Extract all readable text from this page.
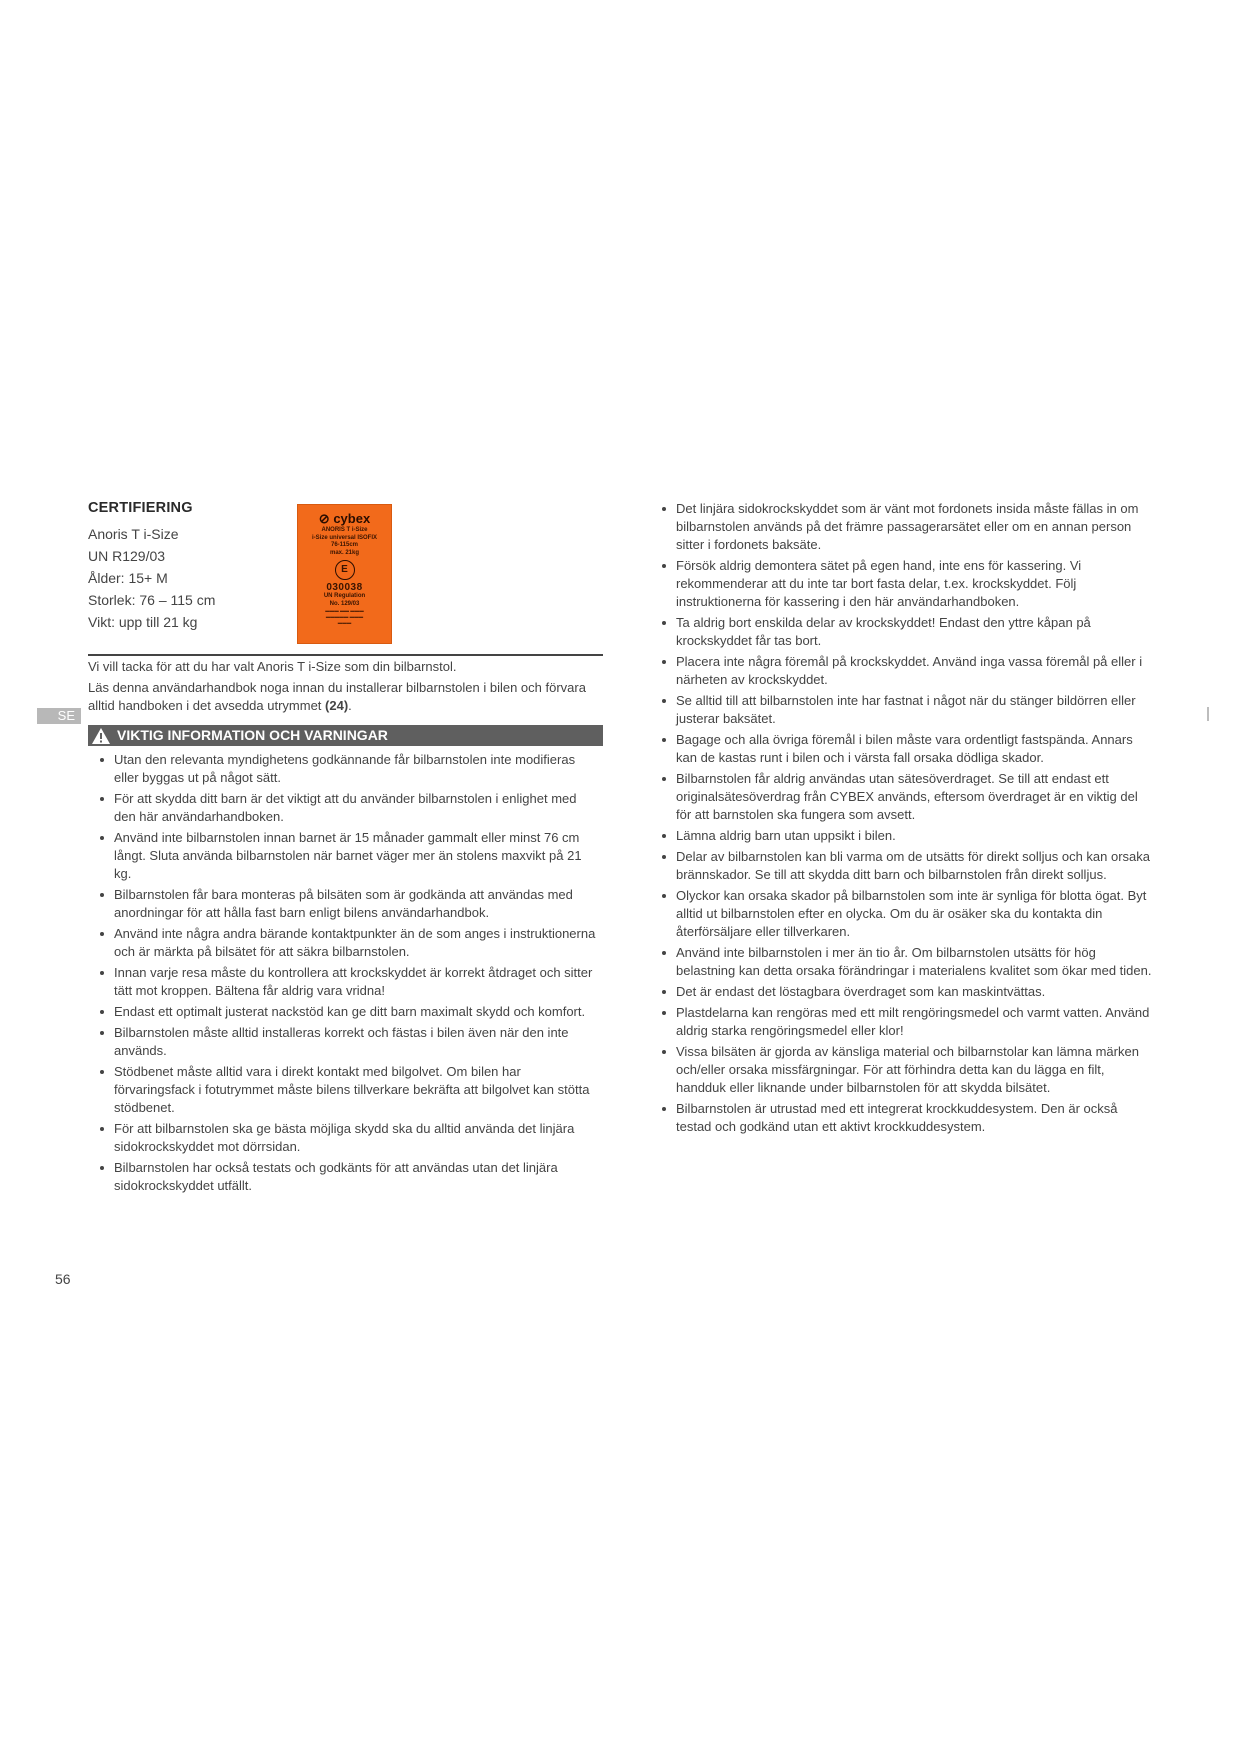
CERTIFIERING
Anoris T i-Size
UN R129/03
Ålder: 15+ M
Storlek: 76 – 115 cm
Vikt: upp till 21 kg
⊘ cybex
ANORIS T i-Size
i-Size universal ISOFIX
76-115cm
max. 21kg
E
030038
UN Regulation
No. 129/03
▬▬▬ ▬▬ ▬▬▬
▬▬▬▬▬ ▬▬▬
▬▬▬

Vi vill tacka för att du har valt Anoris T i-Size som din bilbarnstol.

Läs denna användarhandbok noga innan du installerar bilbarnstolen i bilen och förvara alltid handboken i det avsedda utrymmet (24).

SE
VIKTIG INFORMATION OCH VARNINGAR
Utan den relevanta myndighetens godkännande får bilbarnstolen inte modifieras eller byggas ut på något sätt.
För att skydda ditt barn är det viktigt att du använder bilbarnstolen i enlighet med den här användarhandboken.
Använd inte bilbarnstolen innan barnet är 15 månader gammalt eller minst 76 cm långt. Sluta använda bilbarnstolen när barnet väger mer än stolens maxvikt på 21 kg.
Bilbarnstolen får bara monteras på bilsäten som är godkända att användas med anordningar för att hålla fast barn enligt bilens användarhandbok.
Använd inte några andra bärande kontaktpunkter än de som anges i instruktionerna och är märkta på bilsätet för att säkra bilbarnstolen.
Innan varje resa måste du kontrollera att krockskyddet är korrekt åtdraget och sitter tätt mot kroppen. Bältena får aldrig vara vridna!
Endast ett optimalt justerat nackstöd kan ge ditt barn maximalt skydd och komfort.
Bilbarnstolen måste alltid installeras korrekt och fästas i bilen även när den inte används.
Stödbenet måste alltid vara i direkt kontakt med bilgolvet. Om bilen har förvaringsfack i fotutrymmet måste bilens tillverkare bekräfta att bilgolvet kan stötta stödbenet.
För att bilbarnstolen ska ge bästa möjliga skydd ska du alltid använda det linjära sidokrockskyddet mot dörrsidan.
Bilbarnstolen har också testats och godkänts för att användas utan det linjära sidokrockskyddet utfällt.
Det linjära sidokrockskyddet som är vänt mot fordonets insida måste fällas in om bilbarnstolen används på det främre passagerarsätet eller om en annan person sitter i fordonets baksäte.
Försök aldrig demontera sätet på egen hand, inte ens för kassering. Vi rekommenderar att du inte tar bort fasta delar, t.ex. krockskyddet. Följ instruktionerna för kassering i den här användarhandboken.
Ta aldrig bort enskilda delar av krockskyddet! Endast den yttre kåpan på krockskyddet får tas bort.
Placera inte några föremål på krockskyddet. Använd inga vassa föremål på eller i närheten av krockskyddet.
Se alltid till att bilbarnstolen inte har fastnat i något när du stänger bildörren eller justerar baksätet.
Bagage och alla övriga föremål i bilen måste vara ordentligt fastspända. Annars kan de kastas runt i bilen och i värsta fall orsaka dödliga skador.
Bilbarnstolen får aldrig användas utan sätesöverdraget. Se till att endast ett originalsätesöverdrag från CYBEX används, eftersom överdraget är en viktig del för att barnstolen ska fungera som avsett.
Lämna aldrig barn utan uppsikt i bilen.
Delar av bilbarnstolen kan bli varma om de utsätts för direkt solljus och kan orsaka brännskador. Se till att skydda ditt barn och bilbarnstolen från direkt solljus.
Olyckor kan orsaka skador på bilbarnstolen som inte är synliga för blotta ögat. Byt alltid ut bilbarnstolen efter en olycka. Om du är osäker ska du kontakta din återförsäljare eller tillverkaren.
Använd inte bilbarnstolen i mer än tio år. Om bilbarnstolen utsätts för hög belastning kan detta orsaka förändringar i materialens kvalitet som ökar med tiden.
Det är endast det löstagbara överdraget som kan maskintvättas.
Plastdelarna kan rengöras med ett milt rengöringsmedel och varmt vatten. Använd aldrig starka rengöringsmedel eller klor!
Vissa bilsäten är gjorda av känsliga material och bilbarnstolar kan lämna märken och/eller orsaka missfärgningar. För att förhindra detta kan du lägga en filt, handduk eller liknande under bilbarnstolen för att skydda bilsätet.
Bilbarnstolen är utrustad med ett integrerat krockkuddesystem. Den är också testad och godkänd utan ett aktivt krockkuddesystem.
56
